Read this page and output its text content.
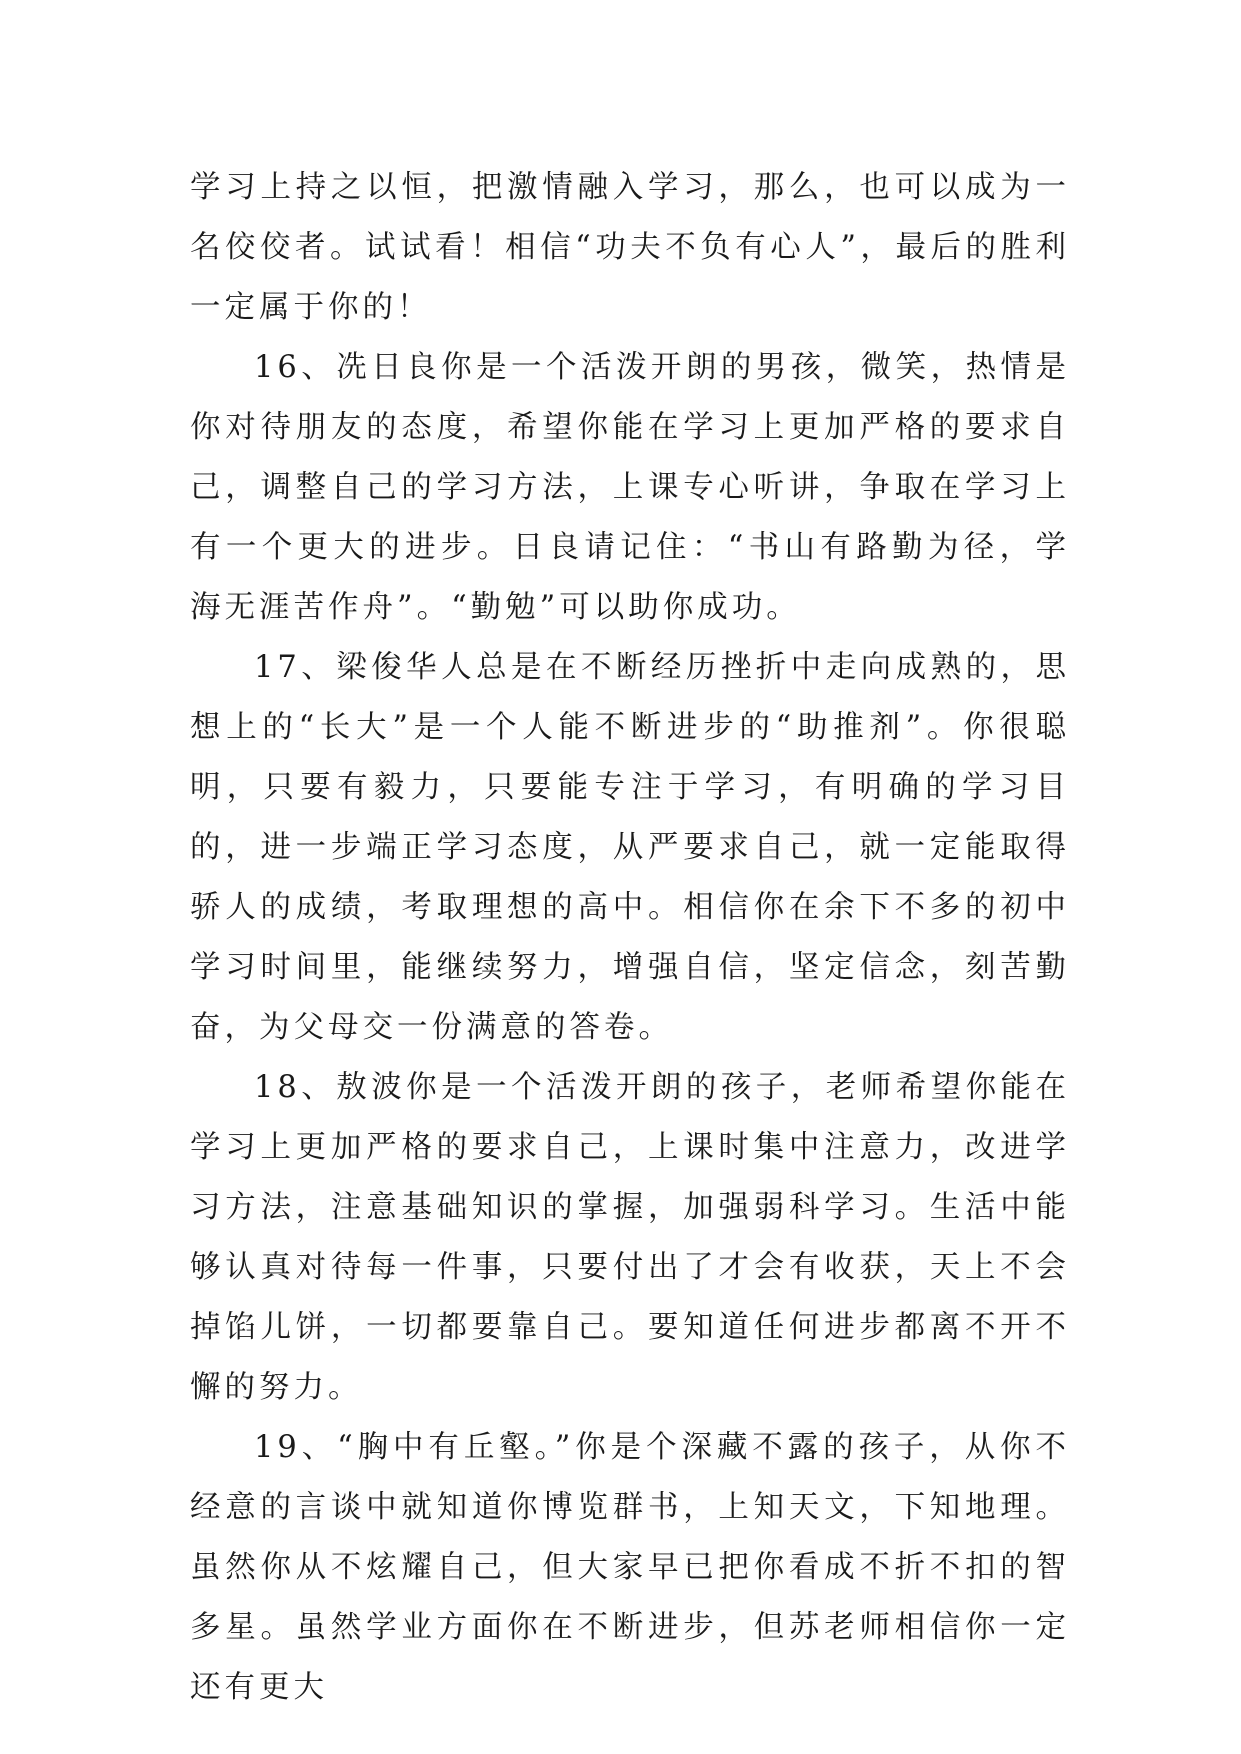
学习上持之以恒，把激情融入学习，那么，也可以成为一名佼佼者。试试看！相信“功夫不负有心人”，最后的胜利一定属于你的！

16、冼日良你是一个活泼开朗的男孩，微笑，热情是你对待朋友的态度，希望你能在学习上更加严格的要求自己，调整自己的学习方法，上课专心听讲，争取在学习上有一个更大的进步。日良请记住：“书山有路勤为径，学海无涯苦作舟”。“勤勉”可以助你成功。

17、梁俊华人总是在不断经历挫折中走向成熟的，思想上的“长大”是一个人能不断进步的“助推剂”。你很聪明，只要有毅力，只要能专注于学习，有明确的学习目的，进一步端正学习态度，从严要求自己，就一定能取得骄人的成绩，考取理想的高中。相信你在余下不多的初中学习时间里，能继续努力，增强自信，坚定信念，刻苦勤奋，为父母交一份满意的答卷。

18、敖波你是一个活泼开朗的孩子，老师希望你能在学习上更加严格的要求自己，上课时集中注意力，改进学习方法，注意基础知识的掌握，加强弱科学习。生活中能够认真对待每一件事，只要付出了才会有收获，天上不会掉馅儿饼，一切都要靠自己。要知道任何进步都离不开不懈的努力。

19、“胸中有丘壑。”你是个深藏不露的孩子，从你不经意的言谈中就知道你博览群书，上知天文，下知地理。虽然你从不炫耀自己，但大家早已把你看成不折不扣的智多星。虽然学业方面你在不断进步，但苏老师相信你一定还有更大
